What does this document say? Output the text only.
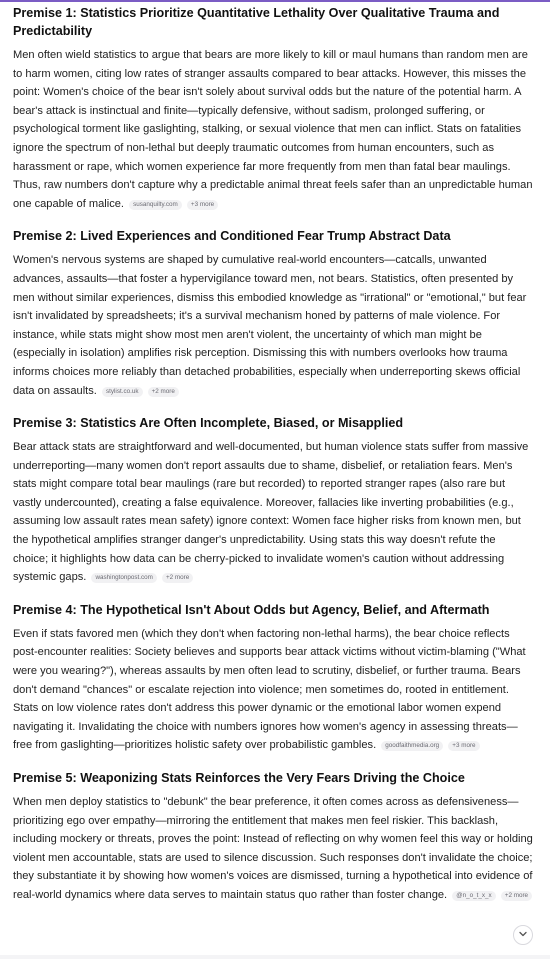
Premise 1: Statistics Prioritize Quantitative Lethality Over Qualitative Trauma and Predictability

Men often wield statistics to argue that bears are more likely to kill or maul humans than random men are to harm women, citing low rates of stranger assaults compared to bear attacks. However, this misses the point: Women's choice of the bear isn't solely about survival odds but the nature of the potential harm. A bear's attack is instinctual and finite—typically defensive, without sadism, prolonged suffering, or psychological torment like gaslighting, stalking, or sexual violence that men can inflict. Stats on fatalities ignore the spectrum of non-lethal but deeply traumatic outcomes from human encounters, such as harassment or rape, which women experience far more frequently from men than fatal bear maulings. Thus, raw numbers don't capture why a predictable animal threat feels safer than an unpredictable human one capable of malice. susanquilty.com +3 more

Premise 2: Lived Experiences and Conditioned Fear Trump Abstract Data

Women's nervous systems are shaped by cumulative real-world encounters—catcalls, unwanted advances, assaults—that foster a hypervigilance toward men, not bears. Statistics, often presented by men without similar experiences, dismiss this embodied knowledge as "irrational" or "emotional," but fear isn't invalidated by spreadsheets; it's a survival mechanism honed by patterns of male violence. For instance, while stats might show most men aren't violent, the uncertainty of which man might be (especially in isolation) amplifies risk perception. Dismissing this with numbers overlooks how trauma informs choices more reliably than detached probabilities, especially when underreporting skews official data on assaults. stylist.co.uk +2 more

Premise 3: Statistics Are Often Incomplete, Biased, or Misapplied

Bear attack stats are straightforward and well-documented, but human violence stats suffer from massive underreporting—many women don't report assaults due to shame, disbelief, or retaliation fears. Men's stats might compare total bear maulings (rare but recorded) to reported stranger rapes (also rare but vastly undercounted), creating a false equivalence. Moreover, fallacies like inverting probabilities (e.g., assuming low assault rates mean safety) ignore context: Women face higher risks from known men, but the hypothetical amplifies stranger danger's unpredictability. Using stats this way doesn't refute the choice; it highlights how data can be cherry-picked to invalidate women's caution without addressing systemic gaps. washingtonpost.com +2 more

Premise 4: The Hypothetical Isn't About Odds but Agency, Belief, and Aftermath

Even if stats favored men (which they don't when factoring non-lethal harms), the bear choice reflects post-encounter realities: Society believes and supports bear attack victims without victim-blaming ("What were you wearing?"), whereas assaults by men often lead to scrutiny, disbelief, or further trauma. Bears don't demand "chances" or escalate rejection into violence; men sometimes do, rooted in entitlement. Stats on low violence rates don't address this power dynamic or the emotional labor women expend navigating it. Invalidating the choice with numbers ignores how women's agency in assessing threats—free from gaslighting—prioritizes holistic safety over probabilistic gambles. goodfaithmedia.org +3 more

Premise 5: Weaponizing Stats Reinforces the Very Fears Driving the Choice

When men deploy statistics to "debunk" the bear preference, it often comes across as defensiveness—prioritizing ego over empathy—mirroring the entitlement that makes men feel riskier. This backlash, including mockery or threats, proves the point: Instead of reflecting on why women feel this way or holding violent men accountable, stats are used to silence discussion. Such responses don't invalidate the choice; they substantiate it by showing how women's voices are dismissed, turning a hypothetical into evidence of real-world dynamics where data serves to maintain status quo rather than foster change. @n_o_t_x_x +2 more
